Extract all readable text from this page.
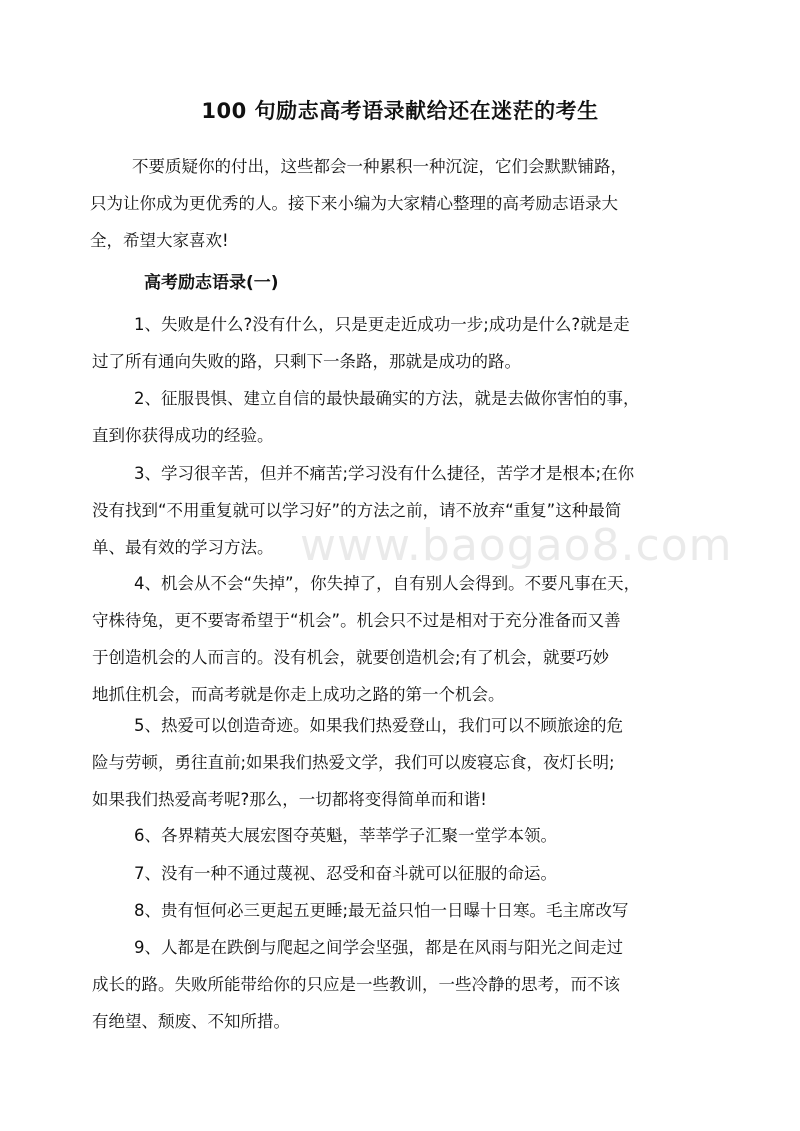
www.baogao8.com
100 句励志高考语录献给还在迷茫的考生
不要质疑你的付出，这些都会一种累积一种沉淀，它们会默默铺路，
只为让你成为更优秀的人。接下来小编为大家精心整理的高考励志语录大
全，希望大家喜欢!
高考励志语录(一)
1、失败是什么?没有什么，只是更走近成功一步;成功是什么?就是走
过了所有通向失败的路，只剩下一条路，那就是成功的路。
2、征服畏惧、建立自信的最快最确实的方法，就是去做你害怕的事，
直到你获得成功的经验。
3、学习很辛苦，但并不痛苦;学习没有什么捷径，苦学才是根本;在你
没有找到“不用重复就可以学习好”的方法之前，请不放弃“重复”这种最简
单、最有效的学习方法。
4、机会从不会“失掉”，你失掉了，自有别人会得到。不要凡事在天，
守株待兔，更不要寄希望于“机会”。机会只不过是相对于充分准备而又善
于创造机会的人而言的。没有机会，就要创造机会;有了机会，就要巧妙
地抓住机会，而高考就是你走上成功之路的第一个机会。
5、热爱可以创造奇迹。如果我们热爱登山，我们可以不顾旅途的危
险与劳顿，勇往直前;如果我们热爱文学，我们可以废寝忘食，夜灯长明;
如果我们热爱高考呢?那么，一切都将变得简单而和谐!
6、各界精英大展宏图夺英魁，莘莘学子汇聚一堂学本领。
7、没有一种不通过蔑视、忍受和奋斗就可以征服的命运。
8、贵有恒何必三更起五更睡;最无益只怕一日曝十日寒。毛主席改写
9、人都是在跌倒与爬起之间学会坚强，都是在风雨与阳光之间走过
成长的路。失败所能带给你的只应是一些教训，一些冷静的思考，而不该
有绝望、颓废、不知所措。
